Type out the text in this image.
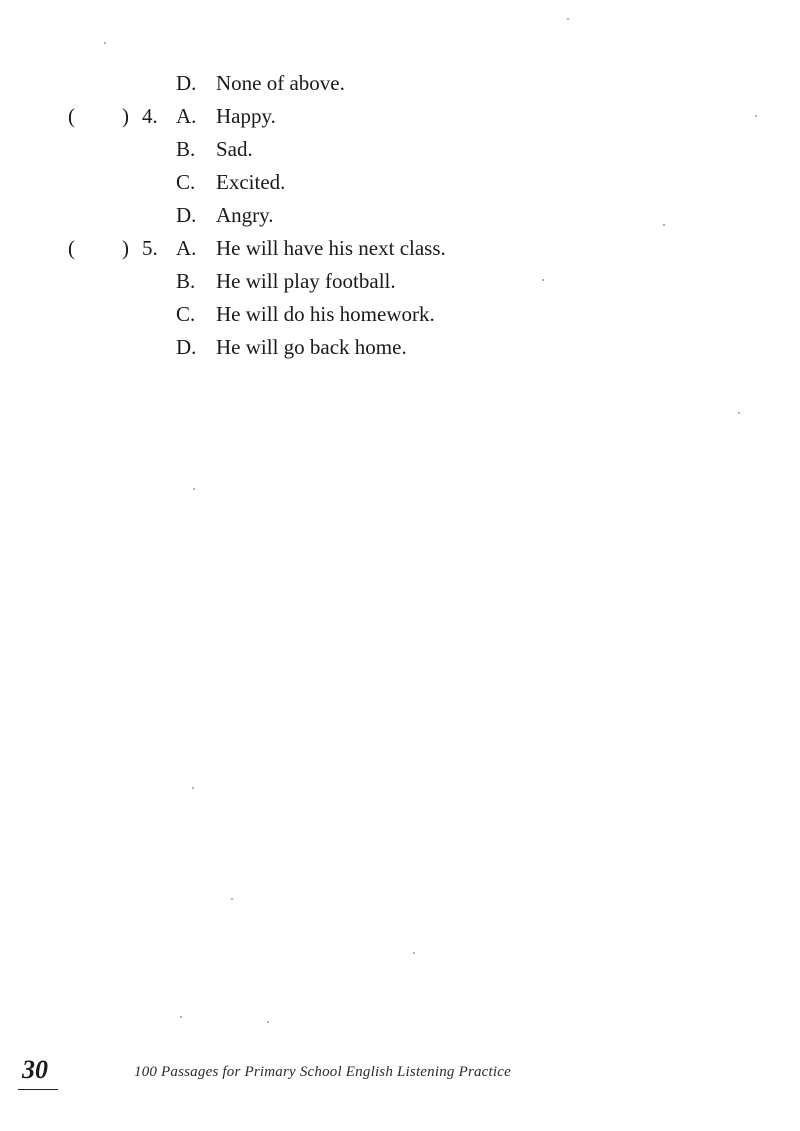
D. None of above.
( ) 4. A. Happy.
B. Sad.
C. Excited.
D. Angry.
( ) 5. A. He will have his next class.
B. He will play football.
C. He will do his homework.
D. He will go back home.
30	100 Passages for Primary School English Listening Practice
